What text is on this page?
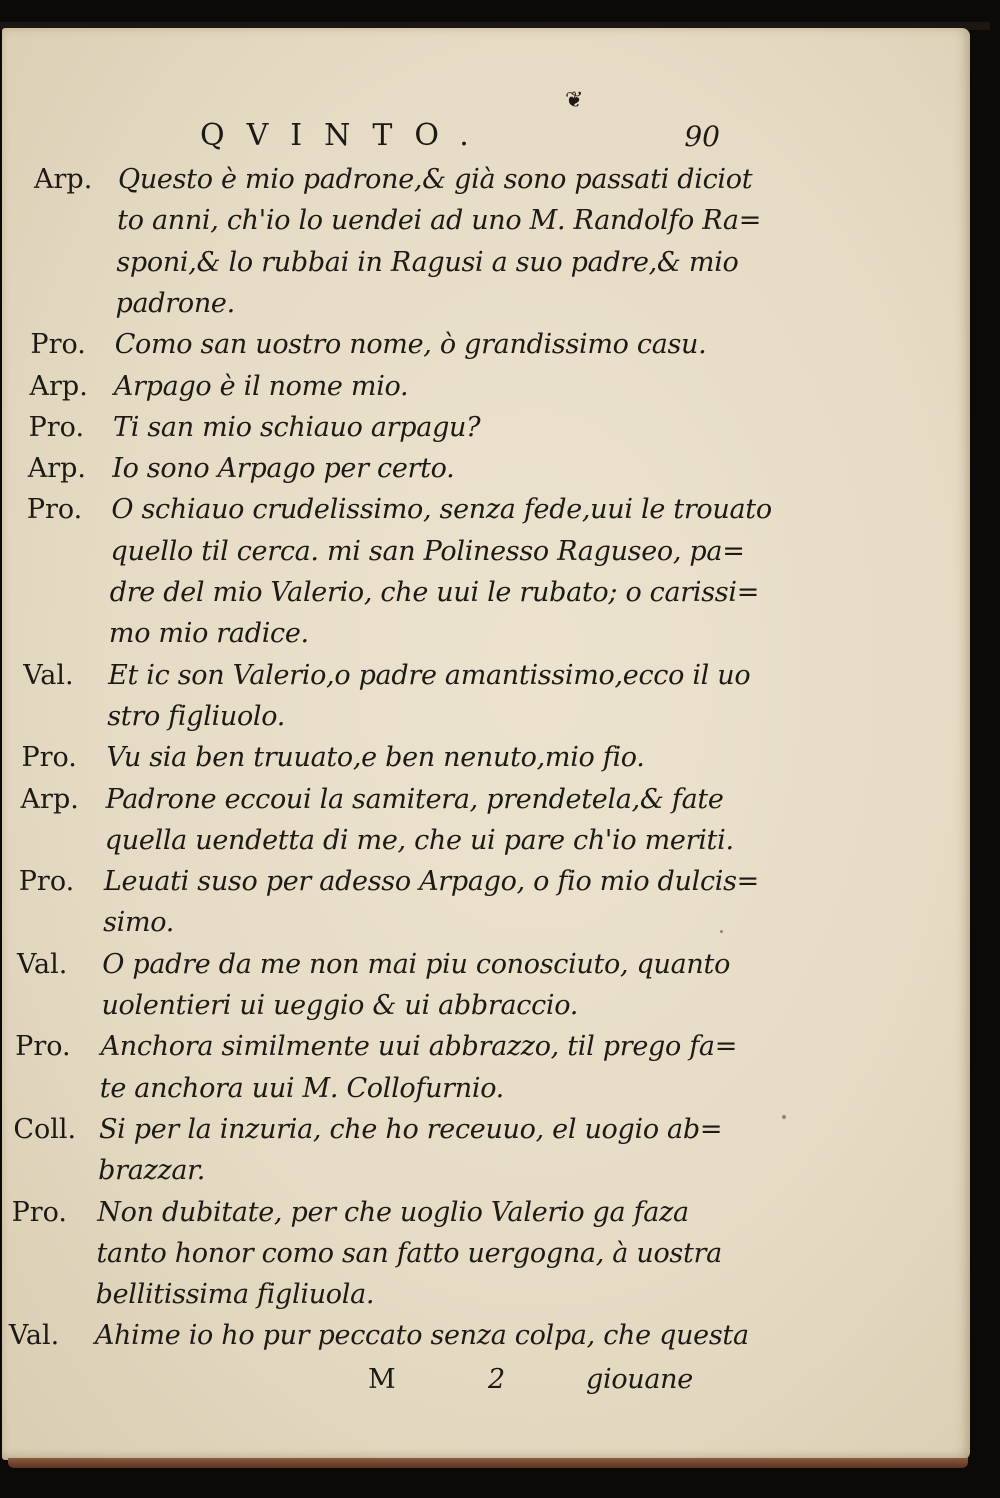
❦
QVINTO.	90
Arp. Questo è mio padrone,& già sono passati diciot
to anni, ch'io lo uendei ad uno M. Randolfo Ra=
sponi,& lo rubbai in Ragusi a suo padre,& mio
padrone.
Pro. Como san uostro nome, ò grandissimo casu.
Arp. Arpago è il nome mio.
Pro. Ti san mio schiauo arpagu?
Arp. Io sono Arpago per certo.
Pro. O schiauo crudelissimo, senza fede,uui le trouato
quello til cerca. mi san Polinesso Raguseo, pa=
dre del mio Valerio, che uui le rubato; o carissi=
mo mio radice.
Val. Et ic son Valerio,o padre amantissimo,ecco il uo
stro figliuolo.
Pro. Vu sia ben truuato,e ben nenuto,mio fio.
Arp. Padrone eccoui la samitera, prendetela,& fate
quella uendetta di me, che ui pare ch'io meriti.
Pro. Leuati suso per adesso Arpago, o fio mio dulcis=
simo.
Val. O padre da me non mai piu conosciuto, quanto
uolentieri ui ueggio & ui abbraccio.
Pro. Anchora similmente uui abbrazzo, til prego fa=
te anchora uui M. Collofurnio.
Coll. Si per la inzuria, che ho receuuo, el uogio ab=
brazzar.
Pro. Non dubitate, per che uoglio Valerio ga faza
tanto honor como san fatto uergogna, à uostra
bellitissima figliuola.
Val. Ahime io ho pur peccato senza colpa, che questa
M	2	giouane
